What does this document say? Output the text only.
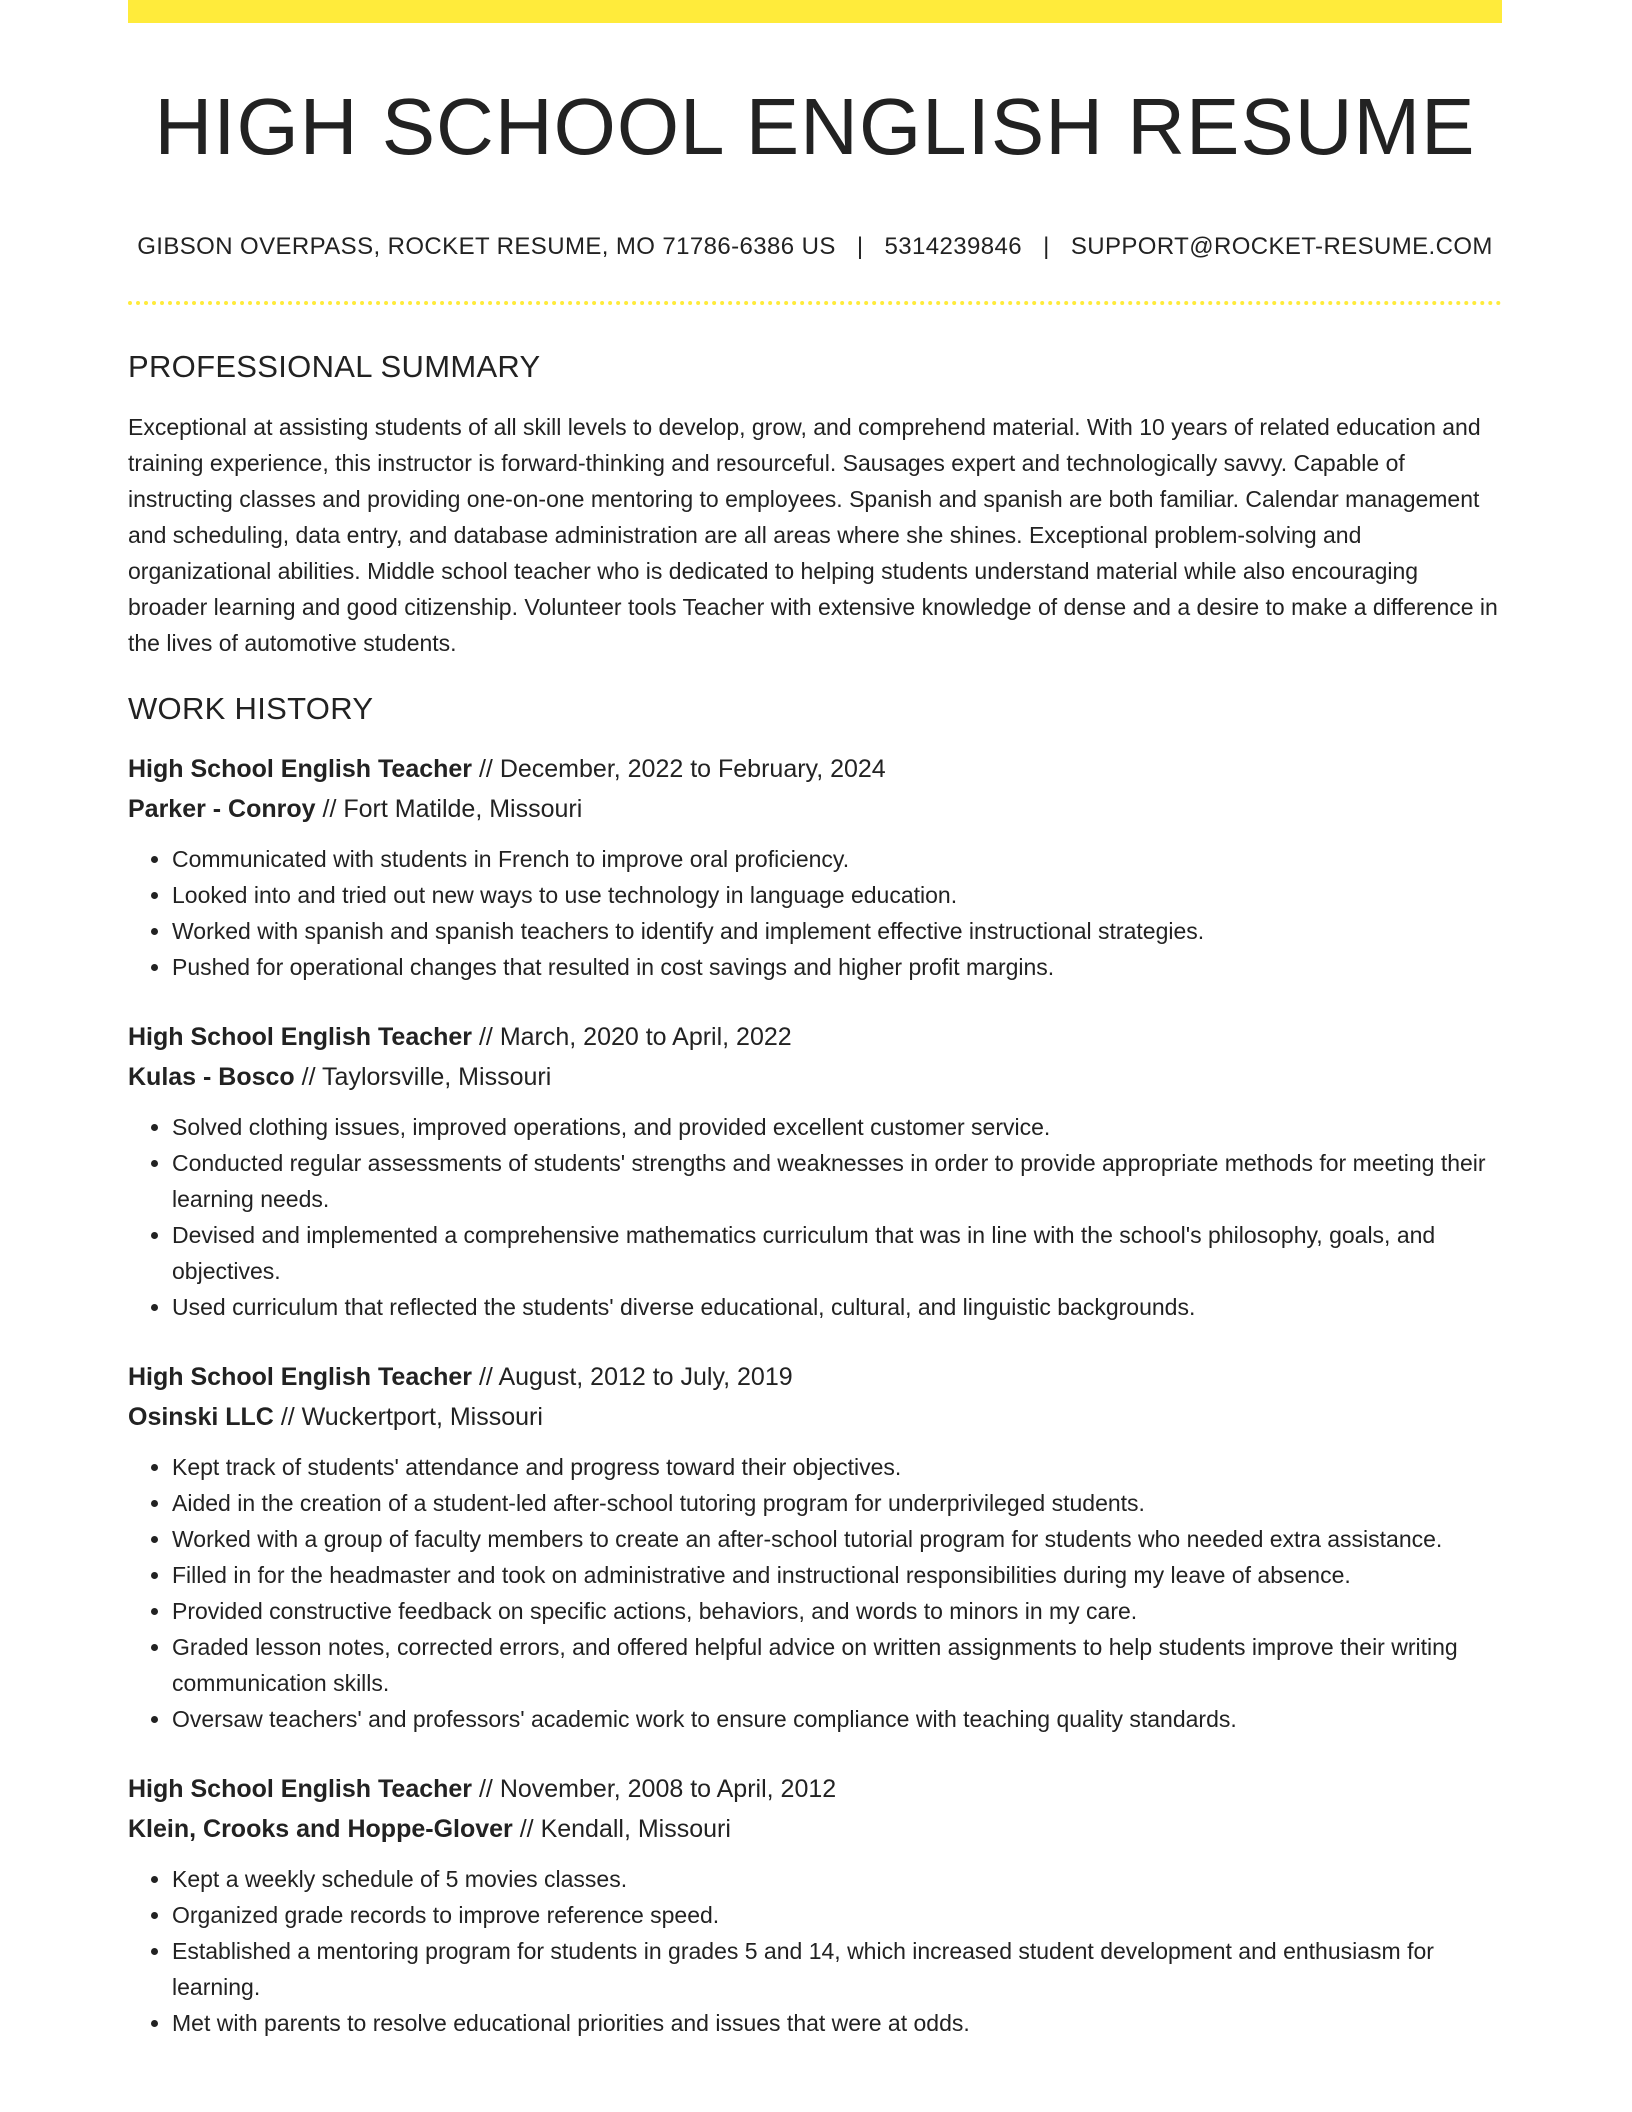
HIGH SCHOOL ENGLISH RESUME
GIBSON OVERPASS, ROCKET RESUME, MO 71786-6386 US | 5314239846 | SUPPORT@ROCKET-RESUME.COM
PROFESSIONAL SUMMARY

Exceptional at assisting students of all skill levels to develop, grow, and comprehend material. With 10 years of related education and training experience, this instructor is forward-thinking and resourceful. Sausages expert and technologically savvy. Capable of instructing classes and providing one-on-one mentoring to employees. Spanish and spanish are both familiar. Calendar management and scheduling, data entry, and database administration are all areas where she shines. Exceptional problem-solving and organizational abilities. Middle school teacher who is dedicated to helping students understand material while also encouraging broader learning and good citizenship. Volunteer tools Teacher with extensive knowledge of dense and a desire to make a difference in the lives of automotive students.

WORK HISTORY
High School English Teacher // December, 2022 to February, 2024
Parker - Conroy // Fort Matilde, Missouri
• Communicated with students in French to improve oral proficiency.
• Looked into and tried out new ways to use technology in language education.
• Worked with spanish and spanish teachers to identify and implement effective instructional strategies.
• Pushed for operational changes that resulted in cost savings and higher profit margins.
High School English Teacher // March, 2020 to April, 2022
Kulas - Bosco // Taylorsville, Missouri
• Solved clothing issues, improved operations, and provided excellent customer service.
• Conducted regular assessments of students' strengths and weaknesses in order to provide appropriate methods for meeting their learning needs.
• Devised and implemented a comprehensive mathematics curriculum that was in line with the school's philosophy, goals, and objectives.
• Used curriculum that reflected the students' diverse educational, cultural, and linguistic backgrounds.
High School English Teacher // August, 2012 to July, 2019
Osinski LLC // Wuckertport, Missouri
• Kept track of students' attendance and progress toward their objectives.
• Aided in the creation of a student-led after-school tutoring program for underprivileged students.
• Worked with a group of faculty members to create an after-school tutorial program for students who needed extra assistance.
• Filled in for the headmaster and took on administrative and instructional responsibilities during my leave of absence.
• Provided constructive feedback on specific actions, behaviors, and words to minors in my care.
• Graded lesson notes, corrected errors, and offered helpful advice on written assignments to help students improve their writing communication skills.
• Oversaw teachers' and professors' academic work to ensure compliance with teaching quality standards.
High School English Teacher // November, 2008 to April, 2012
Klein, Crooks and Hoppe-Glover // Kendall, Missouri
• Kept a weekly schedule of 5 movies classes.
• Organized grade records to improve reference speed.
• Established a mentoring program for students in grades 5 and 14, which increased student development and enthusiasm for learning.
• Met with parents to resolve educational priorities and issues that were at odds.
